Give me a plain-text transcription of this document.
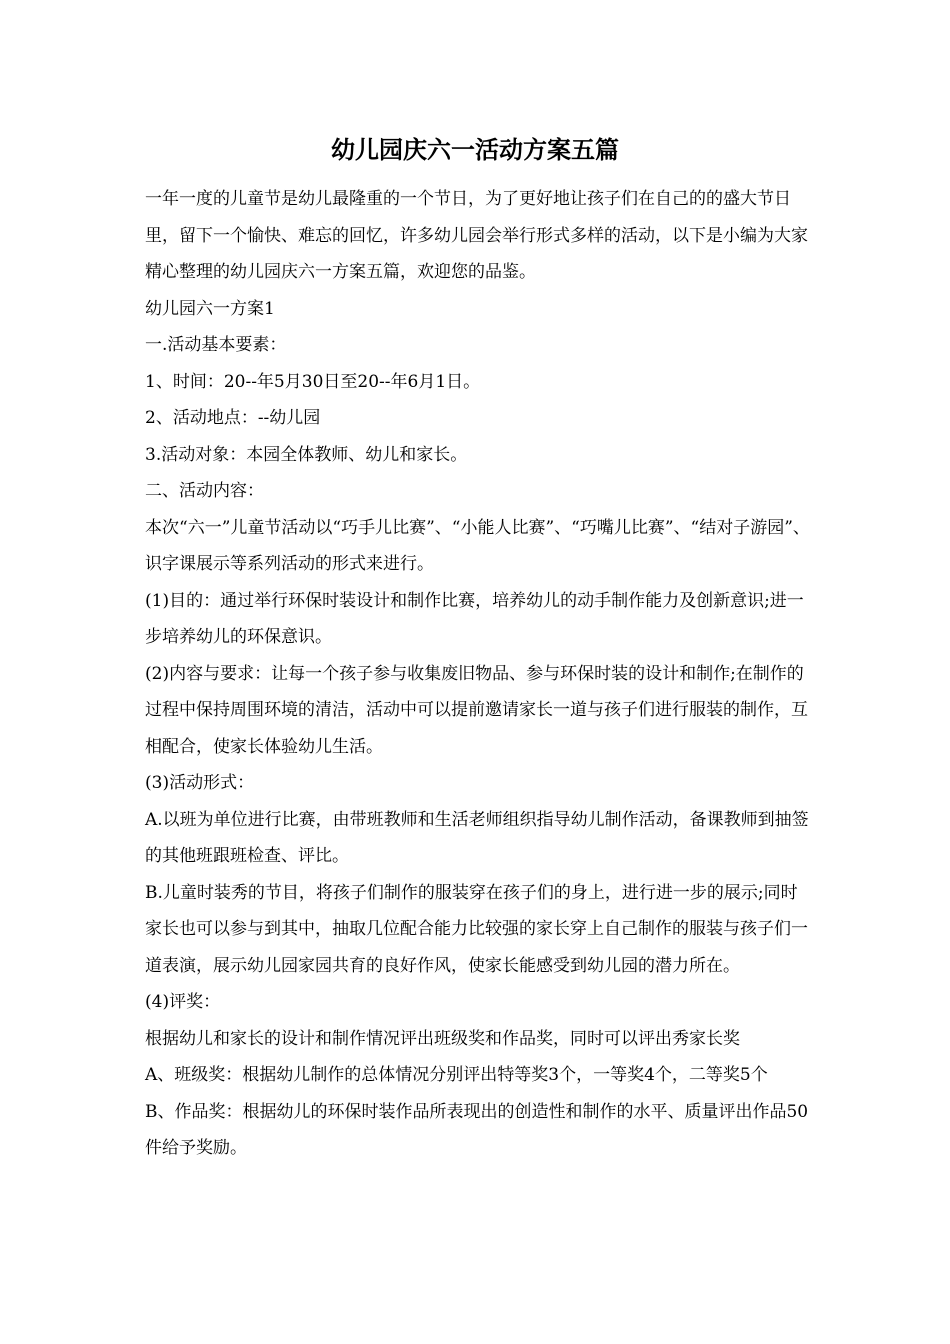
幼儿园庆六一活动方案五篇

一年一度的儿童节是幼儿最隆重的一个节日，为了更好地让孩子们在自己的的盛大节日里，留下一个愉快、难忘的回忆，许多幼儿园会举行形式多样的活动，以下是小编为大家精心整理的幼儿园庆六一方案五篇，欢迎您的品鉴。

幼儿园六一方案1

一.活动基本要素：

1、时间：20--年5月30日至20--年6月1日。

2、活动地点：--幼儿园

3.活动对象：本园全体教师、幼儿和家长。

二、活动内容：

本次“六一”儿童节活动以“巧手儿比赛”、“小能人比赛”、“巧嘴儿比赛”、“结对子游园”、识字课展示等系列活动的形式来进行。

(1)目的：通过举行环保时装设计和制作比赛，培养幼儿的动手制作能力及创新意识;进一步培养幼儿的环保意识。

(2)内容与要求：让每一个孩子参与收集废旧物品、参与环保时装的设计和制作;在制作的过程中保持周围环境的清洁，活动中可以提前邀请家长一道与孩子们进行服装的制作，互相配合，使家长体验幼儿生活。

(3)活动形式：

A.以班为单位进行比赛，由带班教师和生活老师组织指导幼儿制作活动，备课教师到抽签的其他班跟班检查、评比。

B.儿童时装秀的节目，将孩子们制作的服装穿在孩子们的身上，进行进一步的展示;同时家长也可以参与到其中，抽取几位配合能力比较强的家长穿上自己制作的服装与孩子们一道表演，展示幼儿园家园共育的良好作风，使家长能感受到幼儿园的潜力所在。

(4)评奖：

根据幼儿和家长的设计和制作情况评出班级奖和作品奖，同时可以评出秀家长奖

A、班级奖：根据幼儿制作的总体情况分别评出特等奖3个，一等奖4个，二等奖5个

B、作品奖：根据幼儿的环保时装作品所表现出的创造性和制作的水平、质量评出作品50件给予奖励。
